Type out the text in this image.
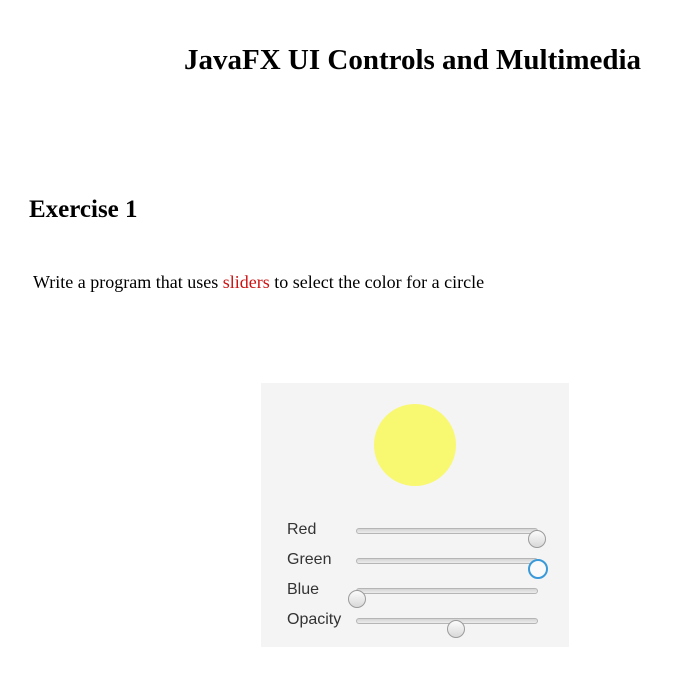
JavaFX UI Controls and Multimedia
Exercise 1
Write a program that uses sliders to select the color for a circle
Red
Green
Blue
Opacity
